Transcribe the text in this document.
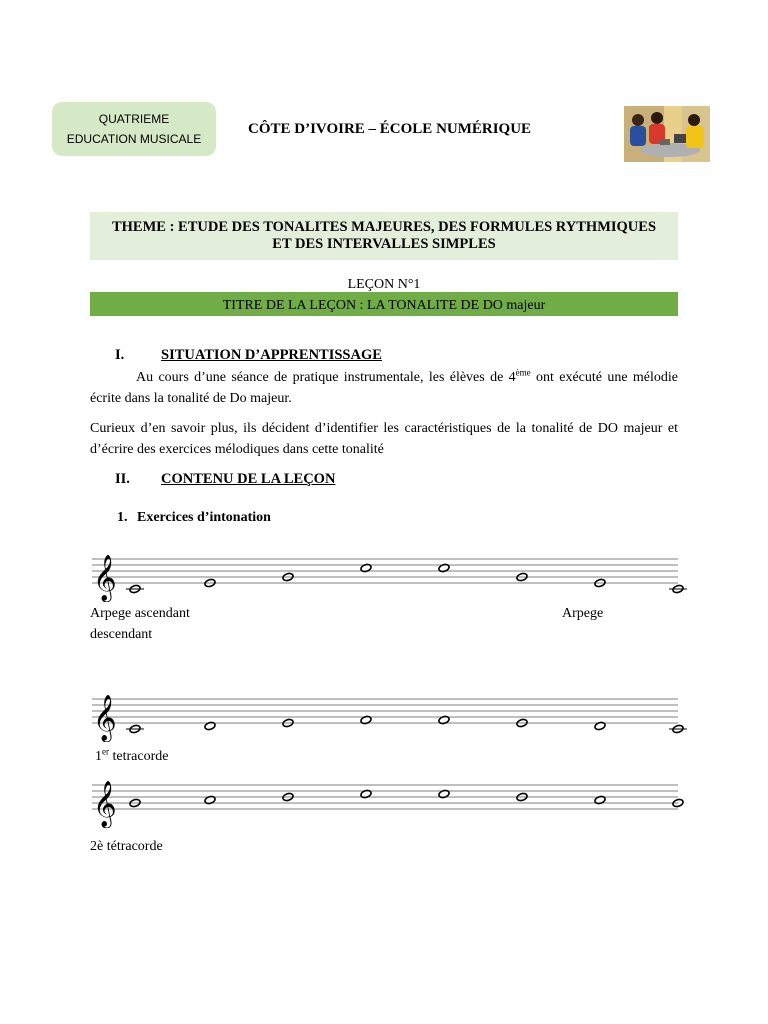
QUATRIEME
EDUCATION MUSICALE
CÔTE D’IVOIRE – ÉCOLE NUMÉRIQUE
THEME : ETUDE DES TONALITES MAJEURES, DES FORMULES RYTHMIQUES
ET DES INTERVALLES SIMPLES
LEÇON N°1
TITRE DE LA LEÇON : LA TONALITE DE DO majeur
I.	SITUATION D’APPRENTISSAGE
Au cours d’une séance de pratique instrumentale, les élèves de 4ème ont exécuté une mélodie écrite dans la tonalité de Do majeur.
Curieux d’en savoir plus, ils décident d’identifier les caractéristiques de la tonalité de DO majeur et d’écrire des exercices mélodiques dans cette tonalité
II. CONTENU DE LA LEÇON
1. Exercices d’intonation
𝄞
Arpege ascendant	Arpege
descendant
𝄞
1er tetracorde
𝄞
2è tétracorde
